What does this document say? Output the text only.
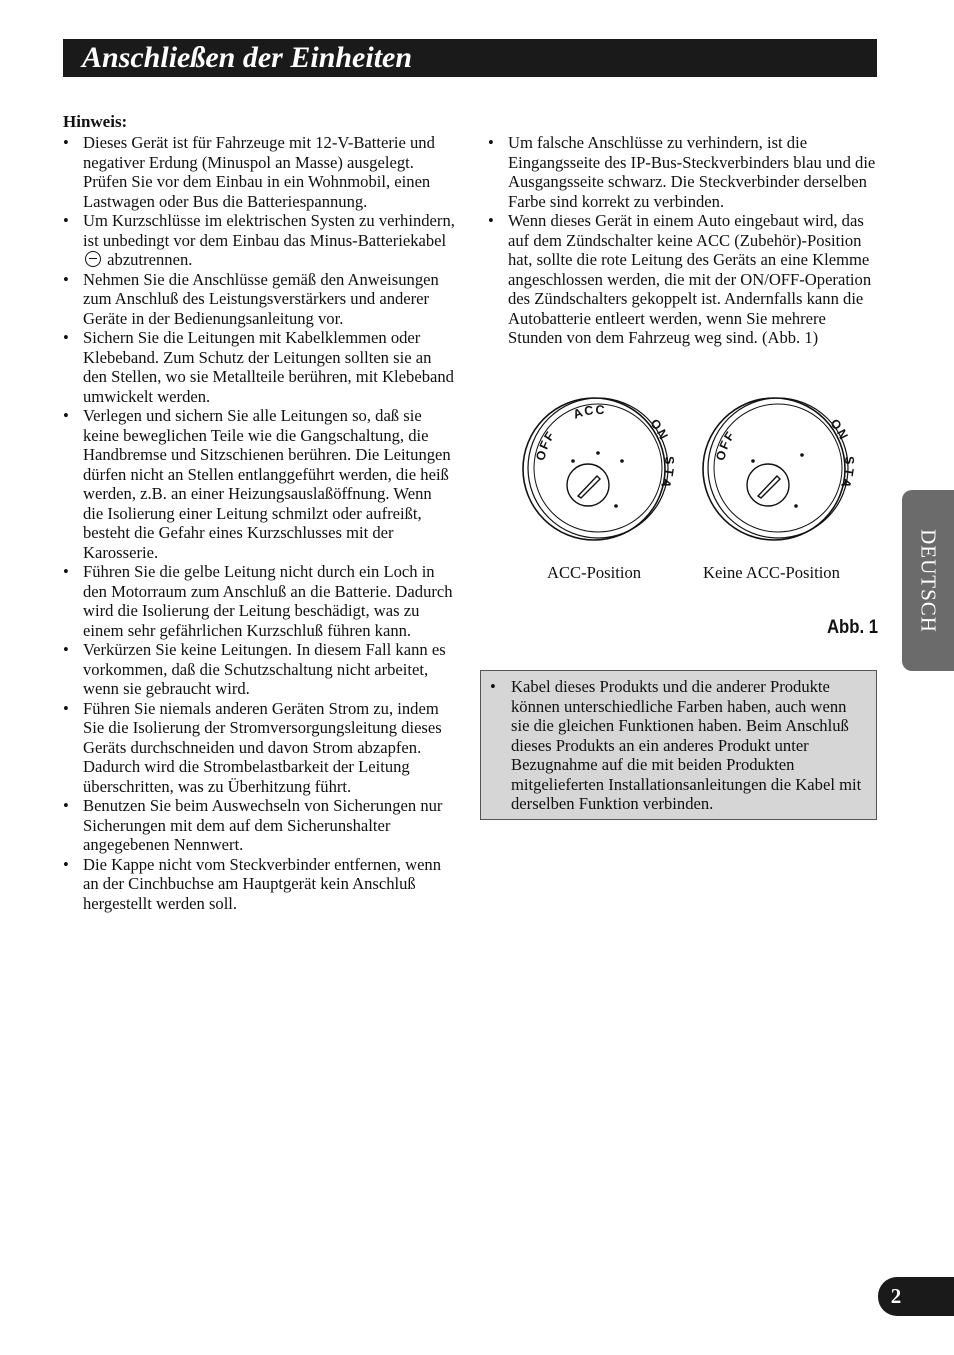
Anschließen der Einheiten
Hinweis:
• Dieses Gerät ist für Fahrzeuge mit 12-V-Batterie und negativer Erdung (Minuspol an Masse) ausgelegt. Prüfen Sie vor dem Einbau in ein Wohnmobil, einen Lastwagen oder Bus die Batteriespannung.
• Um Kurzschlüsse im elektrischen Systen zu verhindern, ist unbedingt vor dem Einbau das Minus-Batteriekabel  abzutrennen.
• Nehmen Sie die Anschlüsse gemäß den Anweisungen zum Anschluß des Leistungsverstärkers und anderer Geräte in der Bedienungsanleitung vor.
• Sichern Sie die Leitungen mit Kabelklemmen oder Klebeband. Zum Schutz der Leitungen sollten sie an den Stellen, wo sie Metallteile berühren, mit Klebeband umwickelt werden.
• Verlegen und sichern Sie alle Leitungen so, daß sie keine beweglichen Teile wie die Gangschaltung, die Handbremse und Sitzschienen berühren. Die Leitungen dürfen nicht an Stellen entlanggeführt werden, die heiß werden, z.B. an einer Heizungsauslaßöffnung. Wenn die Isolierung einer Leitung schmilzt oder aufreißt, besteht die Gefahr eines Kurzschlusses mit der Karosserie.
• Führen Sie die gelbe Leitung nicht durch ein Loch in den Motorraum zum Anschluß an die Batterie. Dadurch wird die Isolierung der Leitung beschädigt, was zu einem sehr gefährlichen Kurzschluß führen kann.
• Verkürzen Sie keine Leitungen. In diesem Fall kann es vorkommen, daß die Schutzschaltung nicht arbeitet, wenn sie gebraucht wird.
• Führen Sie niemals anderen Geräten Strom zu, indem Sie die Isolierung der Stromversorgungsleitung dieses Geräts durchschneiden und davon Strom abzapfen. Dadurch wird die Strombelastbarkeit der Leitung überschritten, was zu Überhitzung führt.
• Benutzen Sie beim Auswechseln von Sicherungen nur Sicherungen mit dem auf dem Sicherunshalter angegebenen Nennwert.
• Die Kappe nicht vom Steckverbinder entfernen, wenn an der Cinchbuchse am Hauptgerät kein Anschluß hergestellt werden soll.
• Um falsche Anschlüsse zu verhindern, ist die Eingangsseite des IP-Bus-Steckverbinders blau und die Ausgangsseite schwarz. Die Steckverbinder derselben Farbe sind korrekt zu verbinden.
• Wenn dieses Gerät in einem Auto eingebaut wird, das auf dem Zündschalter keine ACC (Zubehör)-Position hat, sollte die rote Leitung des Geräts an eine Klemme angeschlossen werden, die mit der ON/OFF-Operation des Zündschalters gekoppelt ist. Andernfalls kann die Autobatterie entleert werden, wenn Sie mehrere Stunden von dem Fahrzeug weg sind. (Abb. 1)
OFF
ACC
ON
STA
OFF
ON
STA
ACC-Position	Keine ACC-Position
Abb. 1
• Kabel dieses Produkts und die anderer Produkte können unterschiedliche Farben haben, auch wenn sie die gleichen Funktionen haben. Beim Anschluß dieses Produkts an ein anderes Produkt unter Bezugnahme auf die mit beiden Produkten mitgelieferten Installationsanleitungen die Kabel mit derselben Funktion verbinden.
DEUTSCH
2
